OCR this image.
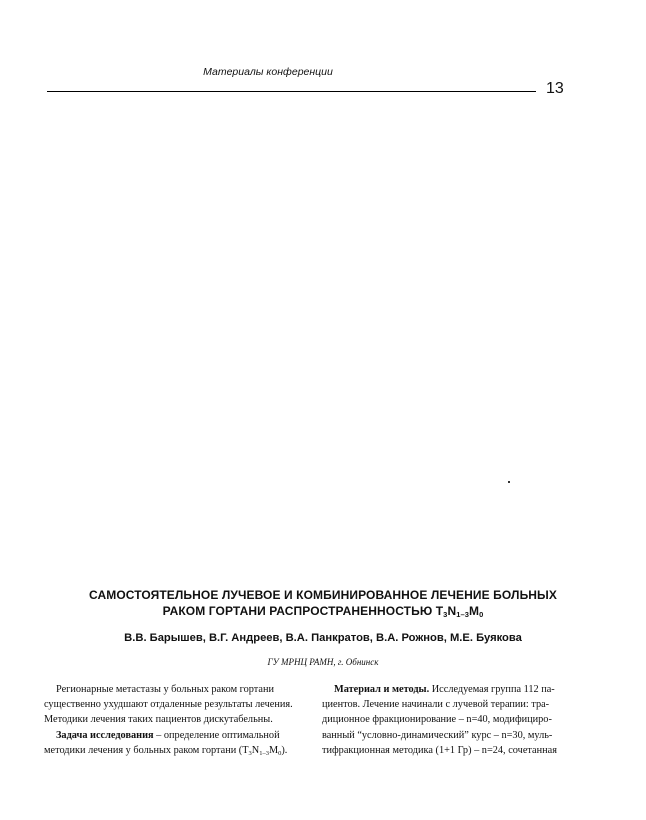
Материалы конференции
13
САМОСТОЯТЕЛЬНОЕ ЛУЧЕВОЕ И КОМБИНИРОВАННОЕ ЛЕЧЕНИЕ БОЛЬНЫХ
РАКОМ ГОРТАНИ РАСПРОСТРАНЕННОСТЬЮ $T_3N_{1-3}M_0$
В.В. Барышев, В.Г. Андреев, В.А. Панкратов, В.А. Рожнов, М.Е. Буякова
ГУ МРНЦ РАМН, г. Обнинск
Регионарные метастазы у больных раком гортани
существенно ухудшают отдаленные результаты лечения.
Методики лечения таких пациентов дискутабельны.
Задача исследования – определение оптимальной
методики лечения у больных раком гортани (T3N1–3M0).
Материал и методы. Исследуемая группа 112 па-
циентов. Лечение начинали с лучевой терапии: тра-
диционное фракционирование – n=40, модифициро-
ванный “условно-динамический” курс – n=30, муль-
тифракционная методика (1+1 Гр) – n=24, сочетанная
